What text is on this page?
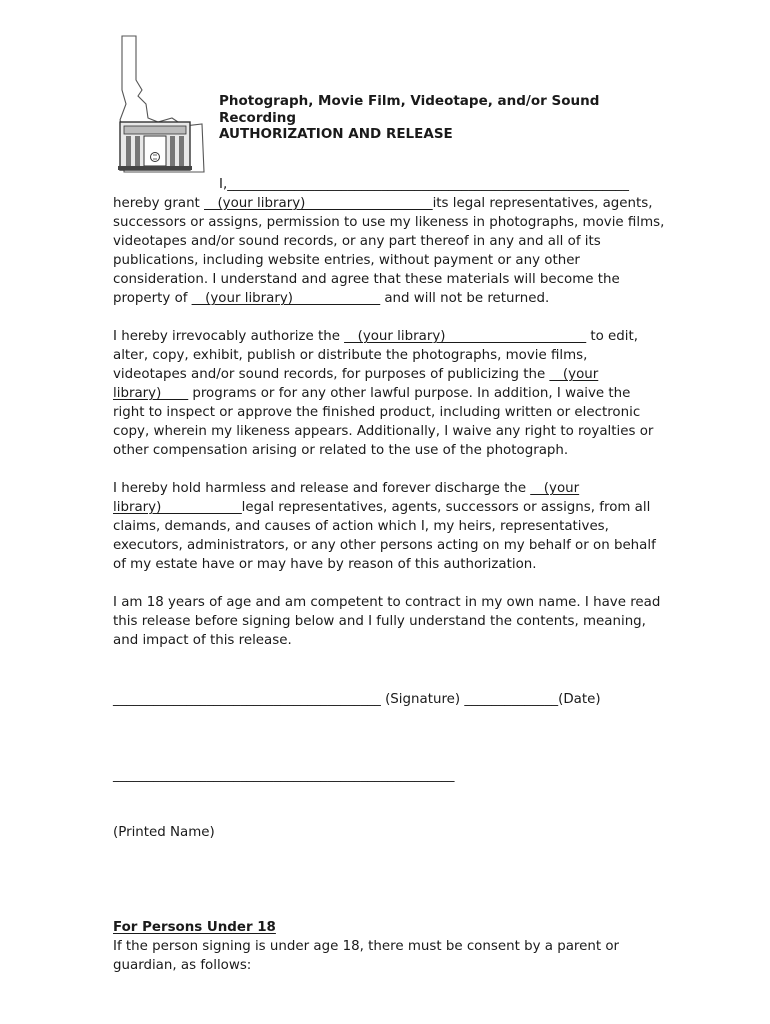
Photograph, Movie Film, Videotape, and/or Sound
Recording
AUTHORIZATION AND RELEASE

I,____________________________________________________________
hereby grant __(your library)___________________its legal representatives, agents, successors or assigns, permission to use my likeness in photographs, movie films, videotapes and/or sound records, or any part thereof in any and all of its publications, including website entries, without payment or any other consideration. I understand and agree that these materials will become the property of __(your library)_____________ and will not be returned.

I hereby irrevocably authorize the __(your library)_____________________ to edit, alter, copy, exhibit, publish or distribute the photographs, movie films, videotapes and/or sound records, for purposes of publicizing the __(your library)____ programs or for any other lawful purpose. In addition, I waive the right to inspect or approve the finished product, including written or electronic copy, wherein my likeness appears. Additionally, I waive any right to royalties or other compensation arising or related to the use of the photograph.

I hereby hold harmless and release and forever discharge the __(your library)____________legal representatives, agents, successors or assigns, from all claims, demands, and causes of action which I, my heirs, representatives, executors, administrators, or any other persons acting on my behalf or on behalf of my estate have or may have by reason of this authorization.

I am 18 years of age and am competent to contract in my own name. I have read this release before signing below and I fully understand the contents, meaning, and impact of this release.

________________________________________ (Signature) ______________(Date)

___________________________________________________

(Printed Name)

For Persons Under 18
If the person signing is under age 18, there must be consent by a parent or guardian, as follows:
